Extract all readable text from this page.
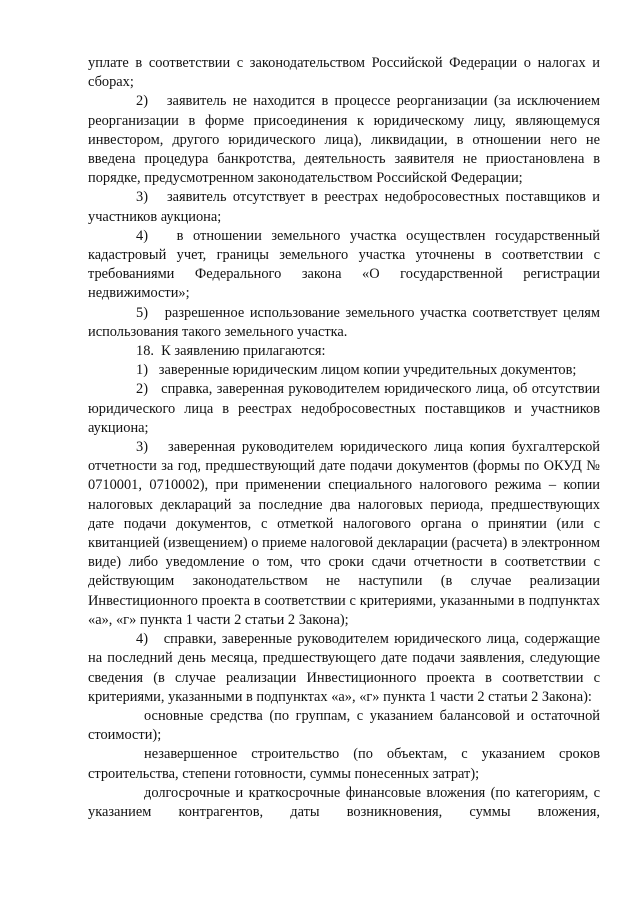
уплате в соответствии с законодательством Российской Федерации о налогах и сборах;

2)   заявитель не находится в процессе реорганизации (за исключением реорганизации в форме присоединения к юридическому лицу, являющемуся инвестором, другого юридического лица), ликвидации, в отношении него не введена процедура банкротства, деятельность заявителя не приостановлена в порядке, предусмотренном законодательством Российской Федерации;

3)   заявитель отсутствует в реестрах недобросовестных поставщиков и участников аукциона;

4)   в отношении земельного участка осуществлен государственный кадастровый учет, границы земельного участка уточнены в соответствии с требованиями Федерального закона «О государственной регистрации недвижимости»;

5)   разрешенное использование земельного участка соответствует целям использования такого земельного участка.

18.  К заявлению прилагаются:

1)   заверенные юридическим лицом копии учредительных документов;

2)   справка, заверенная руководителем юридического лица, об отсутствии юридического лица в реестрах недобросовестных поставщиков и участников аукциона;

3)   заверенная руководителем юридического лица копия бухгалтерской отчетности за год, предшествующий дате подачи документов (формы по ОКУД № 0710001, 0710002), при применении специального налогового режима – копии налоговых деклараций за последние два налоговых периода, предшествующих дате подачи документов, с отметкой налогового органа о принятии (или с квитанцией (извещением) о приеме налоговой декларации (расчета) в электронном виде) либо уведомление о том, что сроки сдачи отчетности в соответствии с действующим законодательством не наступили (в случае реализации Инвестиционного проекта в соответствии с критериями, указанными в подпунктах «а», «г» пункта 1 части 2 статьи 2 Закона);

4)   справки, заверенные руководителем юридического лица, содержащие на последний день месяца, предшествующего дате подачи заявления, следующие сведения (в случае реализации Инвестиционного проекта в соответствии с критериями, указанными в подпунктах «а», «г» пункта 1 части 2 статьи 2 Закона):

основные средства (по группам, с указанием балансовой и остаточной стоимости);

незавершенное строительство (по объектам, с указанием сроков строительства, степени готовности, суммы понесенных затрат);

долгосрочные и краткосрочные финансовые вложения (по категориям, с указанием контрагентов, даты возникновения, суммы вложения,
